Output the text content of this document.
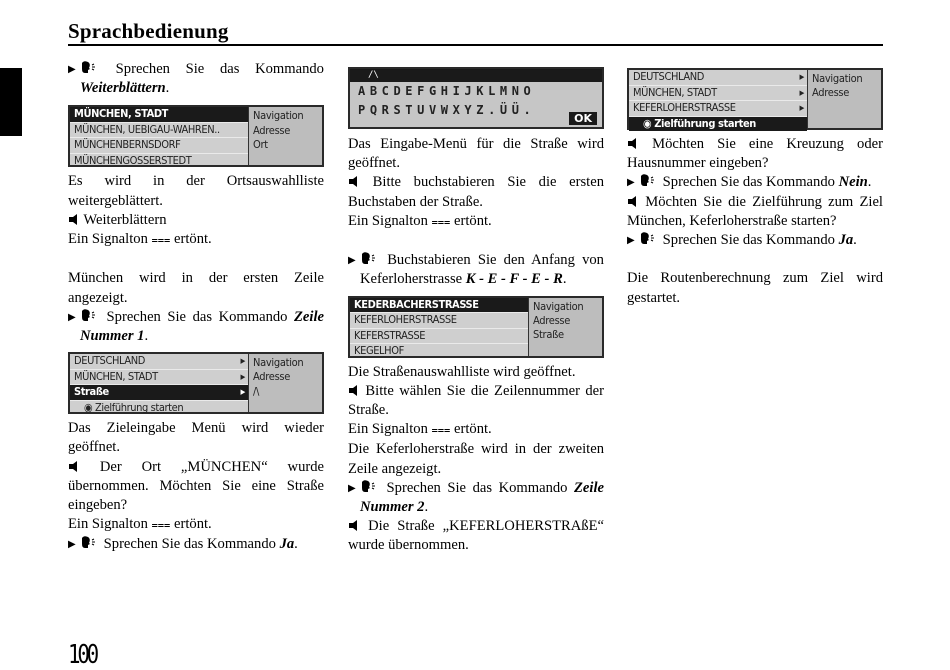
Sprachbedienung

▶	Sprechen Sie das Kommando Weiterblättern.

MÜNCHEN, STADT
MÜNCHEN, UEBIGAU-WAHREN..
MÜNCHENBERNSDORF
MÜNCHENGOSSERSTEDT
Navigation
Adresse
Ort

Es wird in der Ortsauswahlliste weitergeblättert.

Weiterblättern

Ein Signalton ⩶ ertönt.

München wird in der ersten Zeile angezeigt.

▶ Sprechen Sie das Kommando Zeile Nummer 1.

DEUTSCHLAND	▶
MÜNCHEN, STADT	▶
Straße	▶
◉ Zielführung starten
Navigation
Adresse
/\

Das Zieleingabe Menü wird wieder geöffnet.

Der Ort „MÜNCHEN“ wurde übernommen. Möchten Sie eine Straße eingeben?

Ein Signalton ⩶ ertönt.

▶ Sprechen Sie das Kommando Ja.

/\
ABCDEFGHIJKLMNO
PQRSTUVWXYZ.ÜÜ.
OK

Das Eingabe-Menü für die Straße wird geöffnet.

Bitte buchstabieren Sie die ersten Buchstaben der Straße.

Ein Signalton ⩶ ertönt.

▶ Buchstabieren Sie den Anfang von Keferloherstrasse K - E - F - E - R.

KEDERBACHERSTRASSE
KEFERLOHERSTRASSE
KEFERSTRASSE
KEGELHOF
Navigation
Adresse
Straße

Die Straßenauswahlliste wird geöffnet.

Bitte wählen Sie die Zeilennummer der Straße.

Ein Signalton ⩶ ertönt.

Die Keferloherstraße wird in der zweiten Zeile angezeigt.

▶ Sprechen Sie das Kommando Zeile Nummer 2.

Die Straße „KEFERLOHERSTRAßE“ wurde übernommen.

DEUTSCHLAND	▶
MÜNCHEN, STADT	▶
KEFERLOHERSTRASSE	▶
◉ Zielführung starten
Navigation
Adresse

Möchten Sie eine Kreuzung oder Hausnummer eingeben?

▶ Sprechen Sie das Kommando Nein.

Möchten Sie die Zielführung zum Ziel München, Keferloherstraße starten?

▶ Sprechen Sie das Kommando Ja.

Die Routenberechnung zum Ziel wird gestartet.

100
